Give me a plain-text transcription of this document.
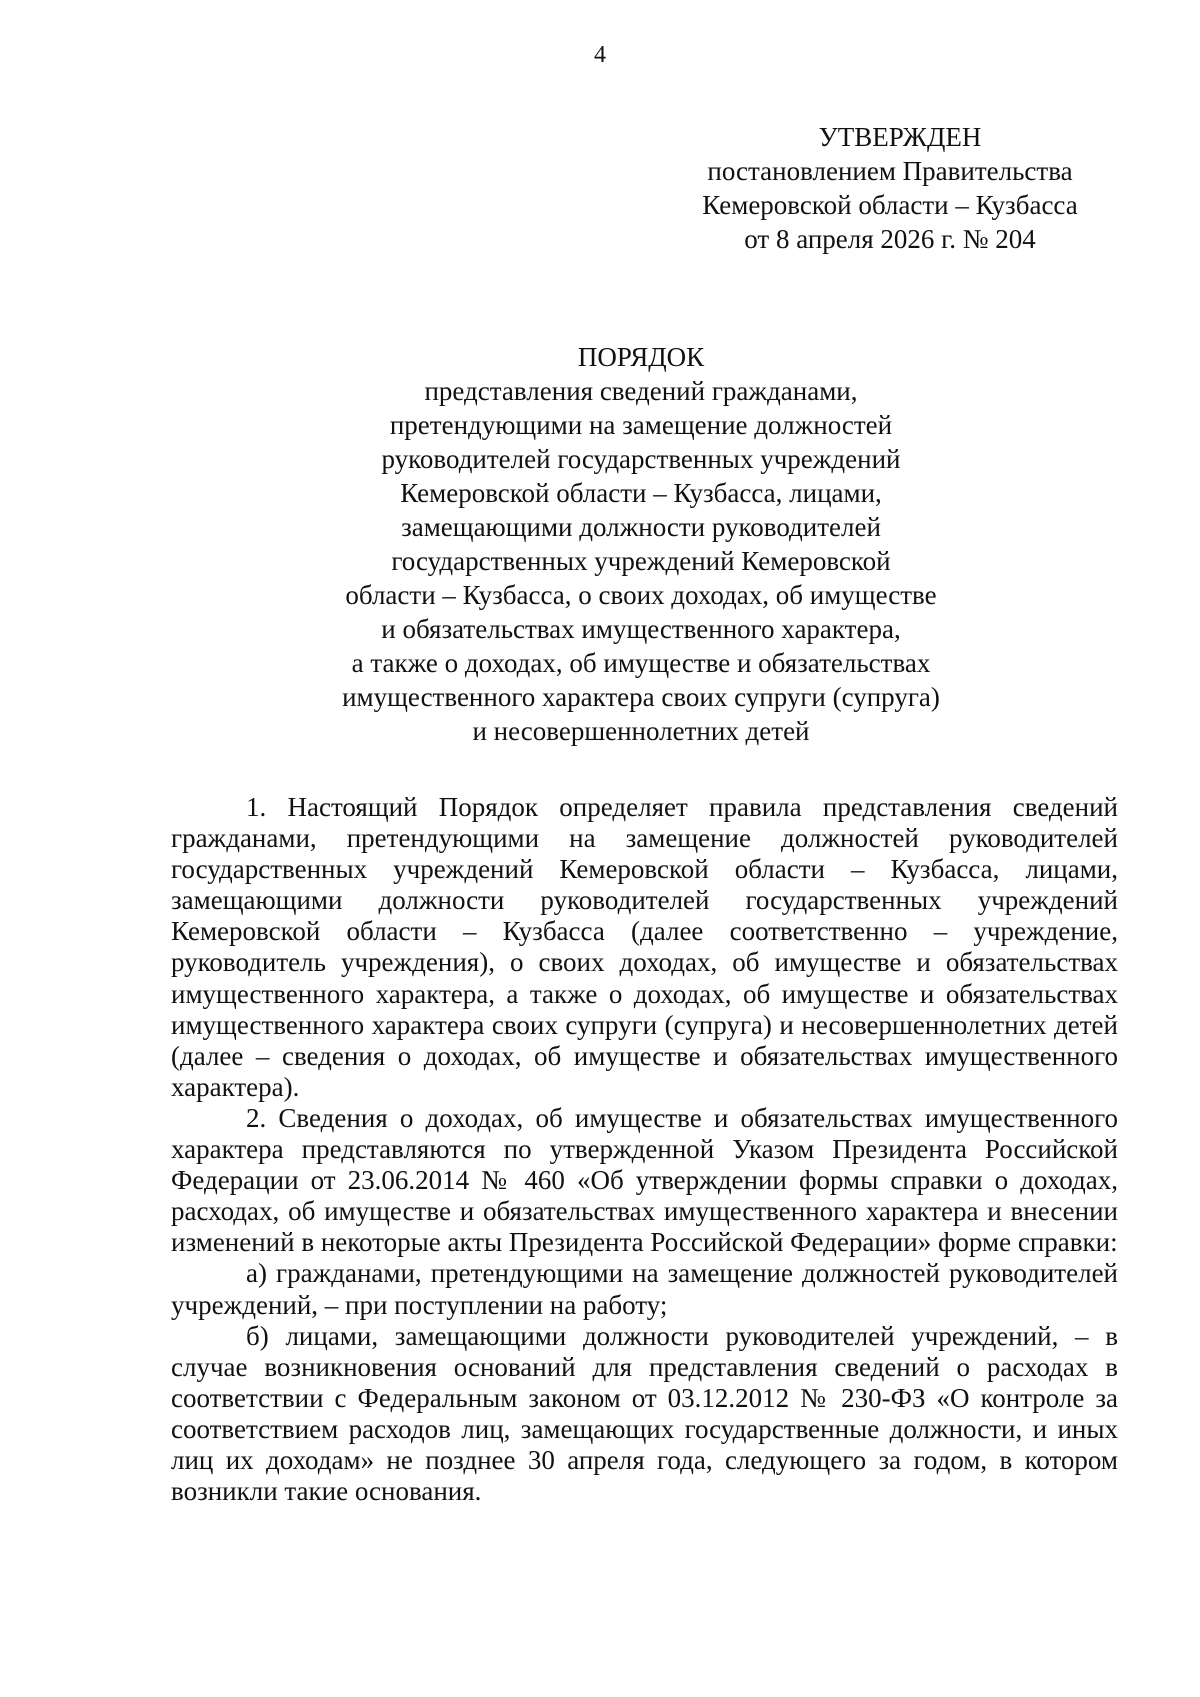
4
УТВЕРЖДЕН
постановлением Правительства
Кемеровской области – Кузбасса
от 8 апреля 2026 г. № 204
ПОРЯДОК
представления сведений гражданами,
претендующими на замещение должностей
руководителей государственных учреждений
Кемеровской области – Кузбасса, лицами,
замещающими должности руководителей
государственных учреждений Кемеровской
области – Кузбасса, о своих доходах, об имуществе
и обязательствах имущественного характера,
а также о доходах, об имуществе и обязательствах
имущественного характера своих супруги (супруга)
и несовершеннолетних детей

1. Настоящий Порядок определяет правила представления сведений гражданами, претендующими на замещение должностей руководителей государственных учреждений Кемеровской области – Кузбасса, лицами, замещающими должности руководителей государственных учреждений Кемеровской области – Кузбасса (далее соответственно – учреждение, руководитель учреждения), о своих доходах, об имуществе и обязательствах имущественного характера, а также о доходах, об имуществе и обязательствах имущественного характера своих супруги (супруга) и несовершеннолетних детей (далее – сведения о доходах, об имуществе и обязательствах имущественного характера).

2. Сведения о доходах, об имуществе и обязательствах имущественного характера представляются по утвержденной Указом Президента Российской Федерации от 23.06.2014 № 460 «Об утверждении формы справки о доходах, расходах, об имуществе и обязательствах имущественного характера и внесении изменений в некоторые акты Президента Российской Федерации» форме справки:

а) гражданами, претендующими на замещение должностей руководителей учреждений, – при поступлении на работу;

б) лицами, замещающими должности руководителей учреждений, – в случае возникновения оснований для представления сведений о расходах в соответствии с Федеральным законом от 03.12.2012 № 230-ФЗ «О контроле за соответствием расходов лиц, замещающих государственные должности, и иных лиц их доходам» не позднее 30 апреля года, следующего за годом, в котором возникли такие основания.
